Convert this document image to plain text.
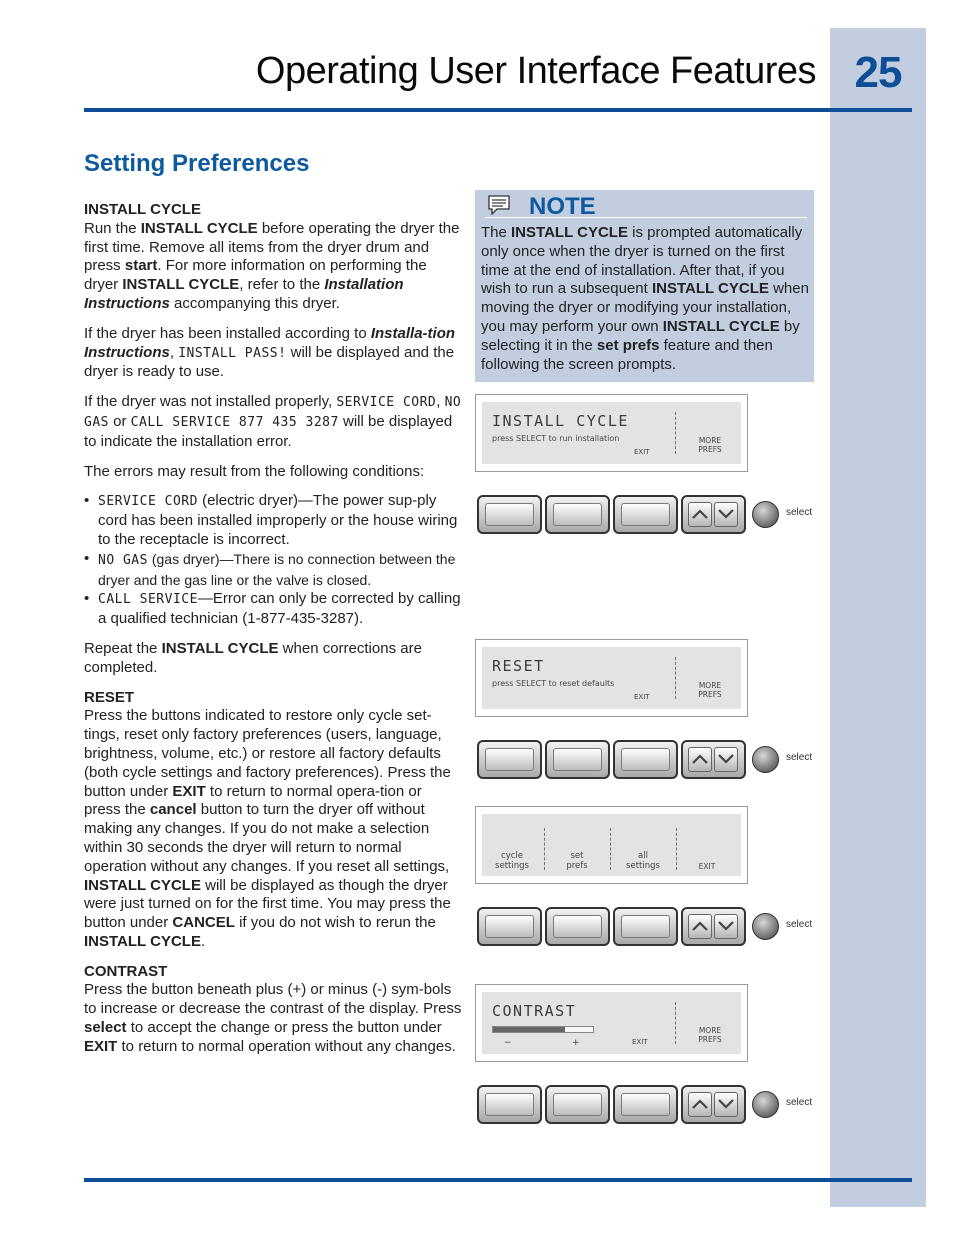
25
Operating User Interface Features
Setting Preferences
INSTALL CYCLE

Run the INSTALL CYCLE before operating the dryer the first time. Remove all items from the dryer drum and press start. For more information on performing the dryer INSTALL CYCLE, refer to the Installation Instructions accompanying this dryer.

If the dryer has been installed according to Installa-tion Instructions, INSTALL PASS! will be displayed and the dryer is ready to use.

If the dryer was not installed properly, SERVICE CORD, NO GAS or CALL SERVICE 877 435 3287 will be displayed to indicate the installation error.

The errors may result from the following conditions:

• SERVICE CORD (electric dryer)—The power sup-ply cord has been installed improperly or the house wiring to the receptacle is incorrect.
• NO GAS (gas dryer)—There is no connection between the dryer and the gas line or the valve is closed.
• CALL SERVICE—Error can only be corrected by calling a qualified technician (1-877-435-3287).

Repeat the INSTALL CYCLE when corrections are completed.

RESET

Press the buttons indicated to restore only cycle set-tings, reset only factory preferences (users, language, brightness, volume, etc.) or restore all factory defaults (both cycle settings and factory preferences). Press the button under EXIT to return to normal opera-tion or press the cancel button to turn the dryer off without making any changes. If you do not make a selection within 30 seconds the dryer will return to normal operation without any changes. If you reset all settings, INSTALL CYCLE will be displayed as though the dryer were just turned on for the first time. You may press the button under CANCEL if you do not wish to rerun the INSTALL CYCLE.

CONTRAST

Press the button beneath plus (+) or minus (-) sym-bols to increase or decrease the contrast of the display. Press select to accept the change or press the button under EXIT to return to normal operation without any changes.

NOTE
The INSTALL CYCLE is prompted automatically only once when the dryer is turned on the first time at the end of installation. After that, if you wish to run a subsequent INSTALL CYCLE when moving the dryer or modifying your installation, you may perform your own INSTALL CYCLE by selecting it in the set prefs feature and then following the screen prompts.
INSTALL CYCLE
press SELECT to run installation
EXIT
MORE
PREFS
select
RESET
press SELECT to reset defaults
EXIT
MORE
PREFS
select
cycle
settings
set
prefs
all
settings	EXIT
select
CONTRAST
−	+	EXIT
MORE
PREFS
select
